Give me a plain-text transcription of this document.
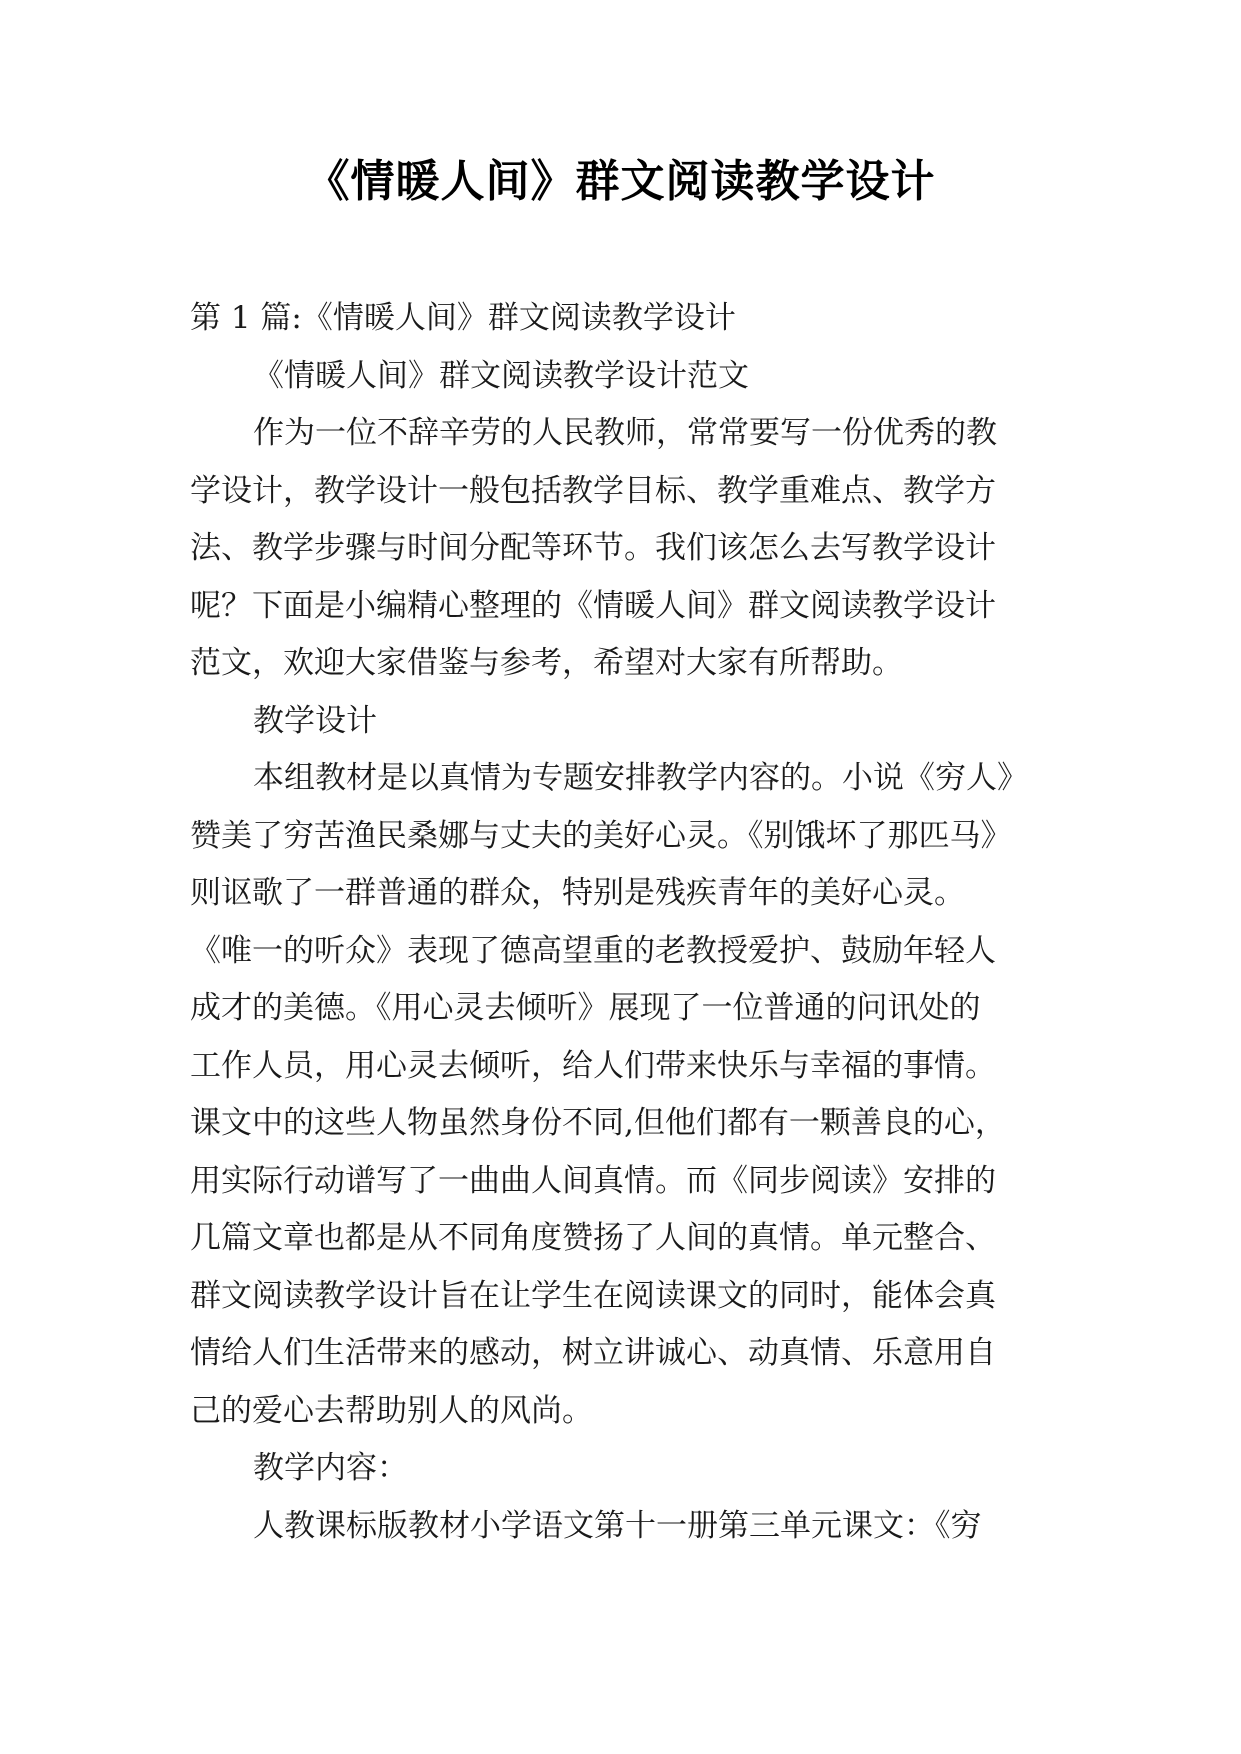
《情暖人间》群文阅读教学设计

第 1 篇:《情暖人间》群文阅读教学设计

《情暖人间》群文阅读教学设计范文

作为一位不辞辛劳的人民教师，常常要写一份优秀的教

学设计，教学设计一般包括教学目标、教学重难点、教学方

法、教学步骤与时间分配等环节。我们该怎么去写教学设计

呢？下面是小编精心整理的《情暖人间》群文阅读教学设计

范文，欢迎大家借鉴与参考，希望对大家有所帮助。

教学设计

本组教材是以真情为专题安排教学内容的。小说《穷人》

赞美了穷苦渔民桑娜与丈夫的美好心灵。《别饿坏了那匹马》

则讴歌了一群普通的群众，特别是残疾青年的美好心灵。

《唯一的听众》表现了德高望重的老教授爱护、鼓励年轻人

成才的美德。《用心灵去倾听》展现了一位普通的问讯处的

工作人员，用心灵去倾听，给人们带来快乐与幸福的事情。

课文中的这些人物虽然身份不同,但他们都有一颗善良的心，

用实际行动谱写了一曲曲人间真情。而《同步阅读》安排的

几篇文章也都是从不同角度赞扬了人间的真情。单元整合、

群文阅读教学设计旨在让学生在阅读课文的同时，能体会真

情给人们生活带来的感动，树立讲诚心、动真情、乐意用自

己的爱心去帮助别人的风尚。

教学内容：

人教课标版教材小学语文第十一册第三单元课文：《穷
